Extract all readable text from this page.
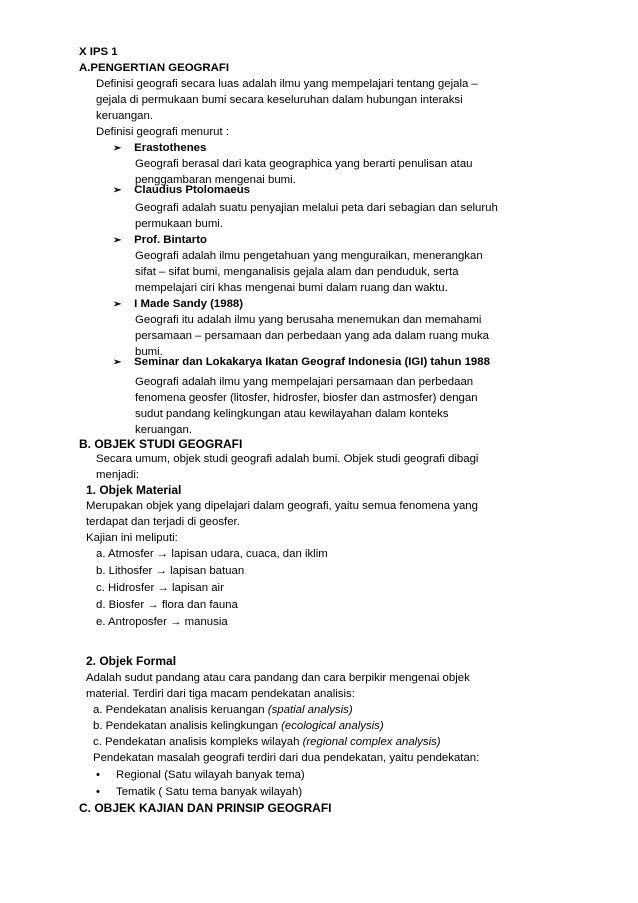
X IPS 1
A.PENGERTIAN GEOGRAFI
Definisi geografi secara luas adalah ilmu yang mempelajari tentang gejala –
gejala di permukaan bumi secara keseluruhan dalam hubungan interaksi
keruangan.
Definisi geografi menurut :
➢ Erastothenes
Geografi berasal dari kata geographica yang berarti penulisan atau
penggambaran mengenai bumi.
➢ Claudius Ptolomaeus
Geografi adalah suatu penyajian melalui peta dari sebagian dan seluruh
permukaan bumi.
➢ Prof. Bintarto
Geografi adalah ilmu pengetahuan yang menguraikan, menerangkan
sifat – sifat bumi, menganalisis gejala alam dan penduduk, serta
mempelajari ciri khas mengenai bumi dalam ruang dan waktu.
➢ I Made Sandy (1988)
Geografi itu adalah ilmu yang berusaha menemukan dan memahami
persamaan – persamaan dan perbedaan yang ada dalam ruang muka
bumi.
➢ Seminar dan Lokakarya Ikatan Geograf Indonesia (IGI) tahun 1988
Geografi adalah ilmu yang mempelajari persamaan dan perbedaan
fenomena geosfer (litosfer, hidrosfer, biosfer dan astmosfer) dengan
sudut pandang kelingkungan atau kewilayahan dalam konteks
keruangan.
B. OBJEK STUDI GEOGRAFI
Secara umum, objek studi geografi adalah bumi. Objek studi geografi dibagi
menjadi:
1. Objek Material
Merupakan objek yang dipelajari dalam geografi, yaitu semua fenomena yang
terdapat dan terjadi di geosfer.
Kajian ini meliputi:
a. Atmosfer → lapisan udara, cuaca, dan iklim
b. Lithosfer → lapisan batuan
c. Hidrosfer → lapisan air
d. Biosfer → flora dan fauna
e. Antroposfer → manusia
2. Objek Formal
Adalah sudut pandang atau cara pandang dan cara berpikir mengenai objek
material. Terdiri dari tiga macam pendekatan analisis:
a. Pendekatan analisis keruangan (spatial analysis)
b. Pendekatan analisis kelingkungan (ecological analysis)
c. Pendekatan analisis kompleks wilayah (regional complex analysis)
Pendekatan masalah geografi terdiri dari dua pendekatan, yaitu pendekatan:
• Regional (Satu wilayah banyak tema)
• Tematik ( Satu tema banyak wilayah)
C. OBJEK KAJIAN DAN PRINSIP GEOGRAFI
